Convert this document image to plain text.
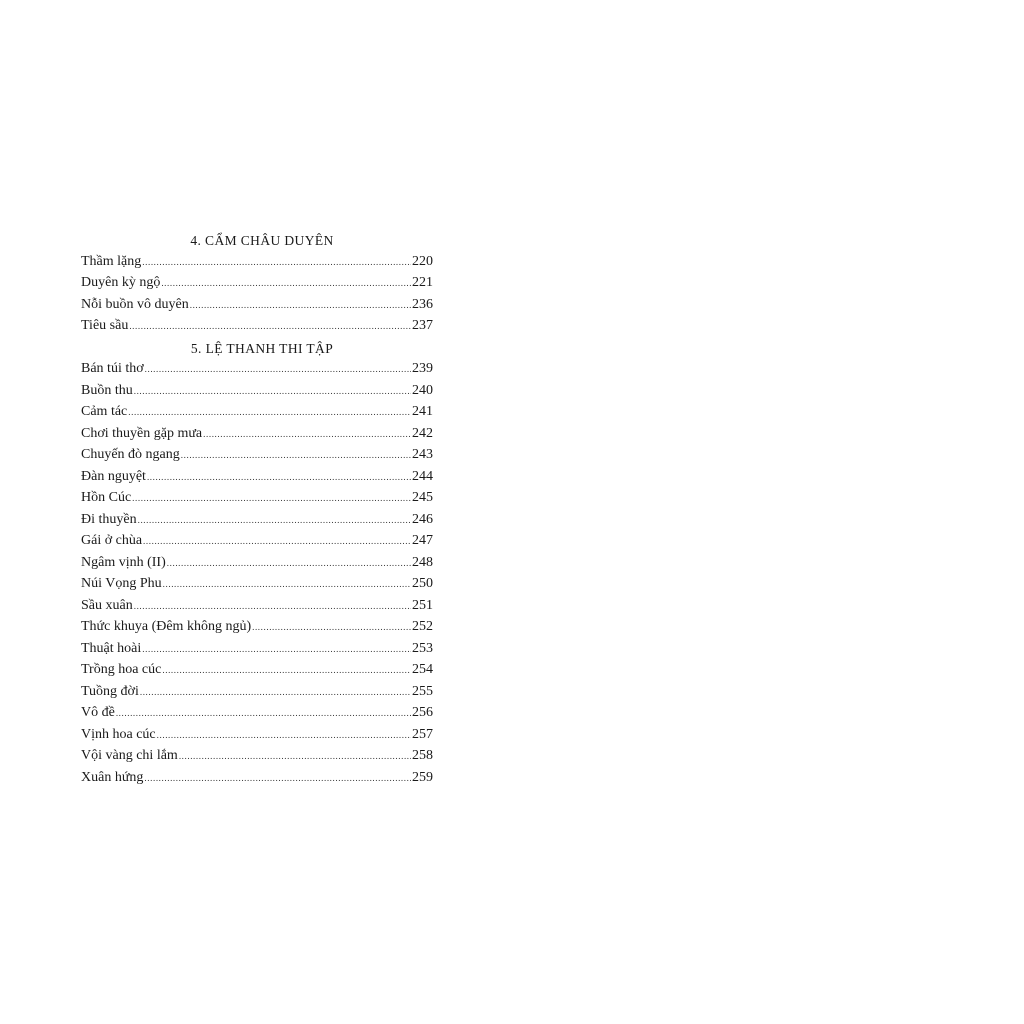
4. CẨM CHÂU DUYÊN
Thầm lặng .....	220
Duyên kỳ ngộ .....	221
Nỗi buồn vô duyên .....	236
Tiêu sầu .....	237
5. LỆ THANH THI TẬP
Bán túi thơ .....	239
Buồn thu .....	240
Cảm tác .....	241
Chơi thuyền gặp mưa .....	242
Chuyến đò ngang .....	243
Đàn nguyệt .....	244
Hồn Cúc .....	245
Đi thuyền .....	246
Gái ở chùa .....	247
Ngâm vịnh (II) .....	248
Núi Vọng Phu .....	250
Sầu xuân .....	251
Thức khuya (Đêm không ngủ) .....	252
Thuật hoài .....	253
Trồng hoa cúc .....	254
Tuồng đời .....	255
Vô đề .....	256
Vịnh hoa cúc .....	257
Vội vàng chi lắm .....	258
Xuân hứng .....	259
